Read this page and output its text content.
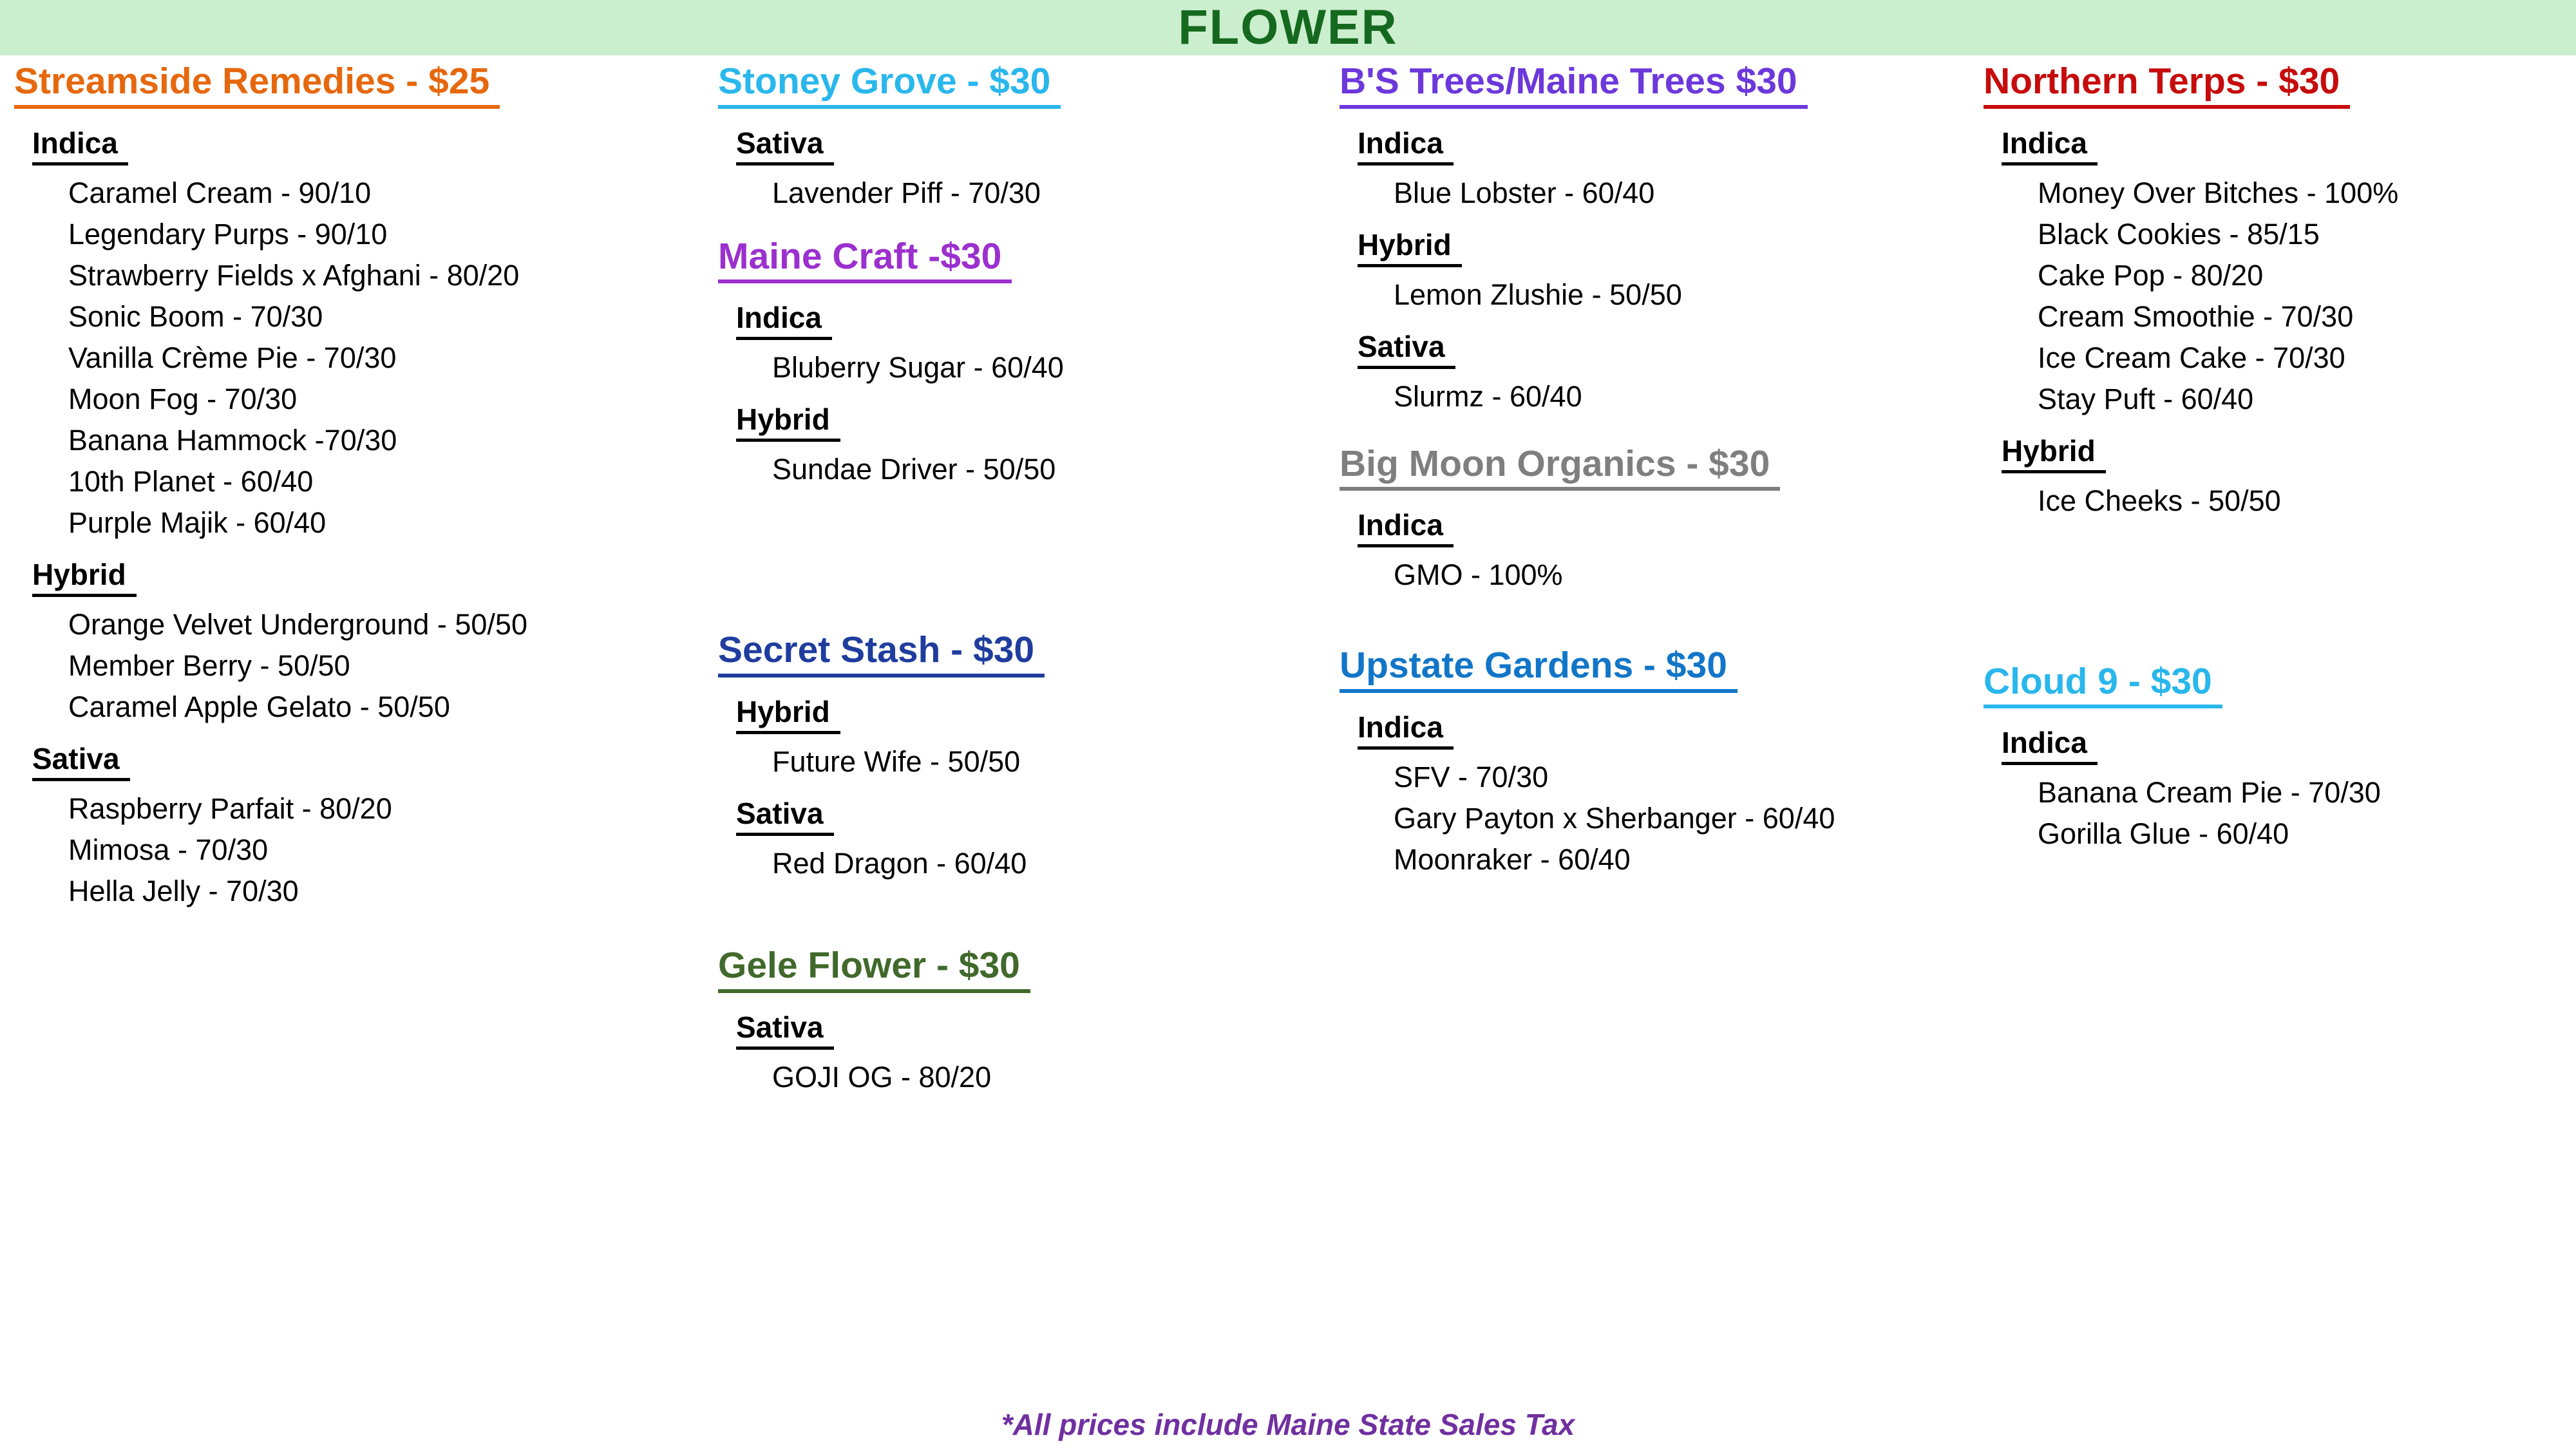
FLOWER
Streamside Remedies - $25
Indica
Caramel Cream - 90/10
Legendary Purps - 90/10
Strawberry Fields x Afghani - 80/20
Sonic Boom - 70/30
Vanilla Crème Pie - 70/30
Moon Fog - 70/30
Banana Hammock -70/30
10th Planet - 60/40
Purple Majik - 60/40
Hybrid
Orange Velvet Underground - 50/50
Member Berry - 50/50
Caramel Apple Gelato - 50/50
Sativa
Raspberry Parfait - 80/20
Mimosa - 70/30
Hella Jelly - 70/30
Stoney Grove - $30
Sativa
Lavender Piff - 70/30
Maine Craft -$30
Indica
Bluberry Sugar - 60/40
Hybrid
Sundae Driver - 50/50
Secret Stash - $30
Hybrid
Future Wife - 50/50
Sativa
Red Dragon - 60/40
Gele Flower - $30
Sativa
GOJI OG - 80/20
B'S Trees/Maine Trees $30
Indica
Blue Lobster - 60/40
Hybrid
Lemon Zlushie - 50/50
Sativa
Slurmz - 60/40
Big Moon Organics - $30
Indica
GMO - 100%
Upstate Gardens - $30
Indica
SFV - 70/30
Gary Payton x Sherbanger - 60/40
Moonraker - 60/40
Northern Terps - $30
Indica
Money Over Bitches - 100%
Black Cookies - 85/15
Cake Pop - 80/20
Cream Smoothie - 70/30
Ice Cream Cake - 70/30
Stay Puft - 60/40
Hybrid
Ice Cheeks - 50/50
Cloud 9 - $30
Indica
Banana Cream Pie - 70/30
Gorilla Glue - 60/40
*All prices include Maine State Sales Tax
